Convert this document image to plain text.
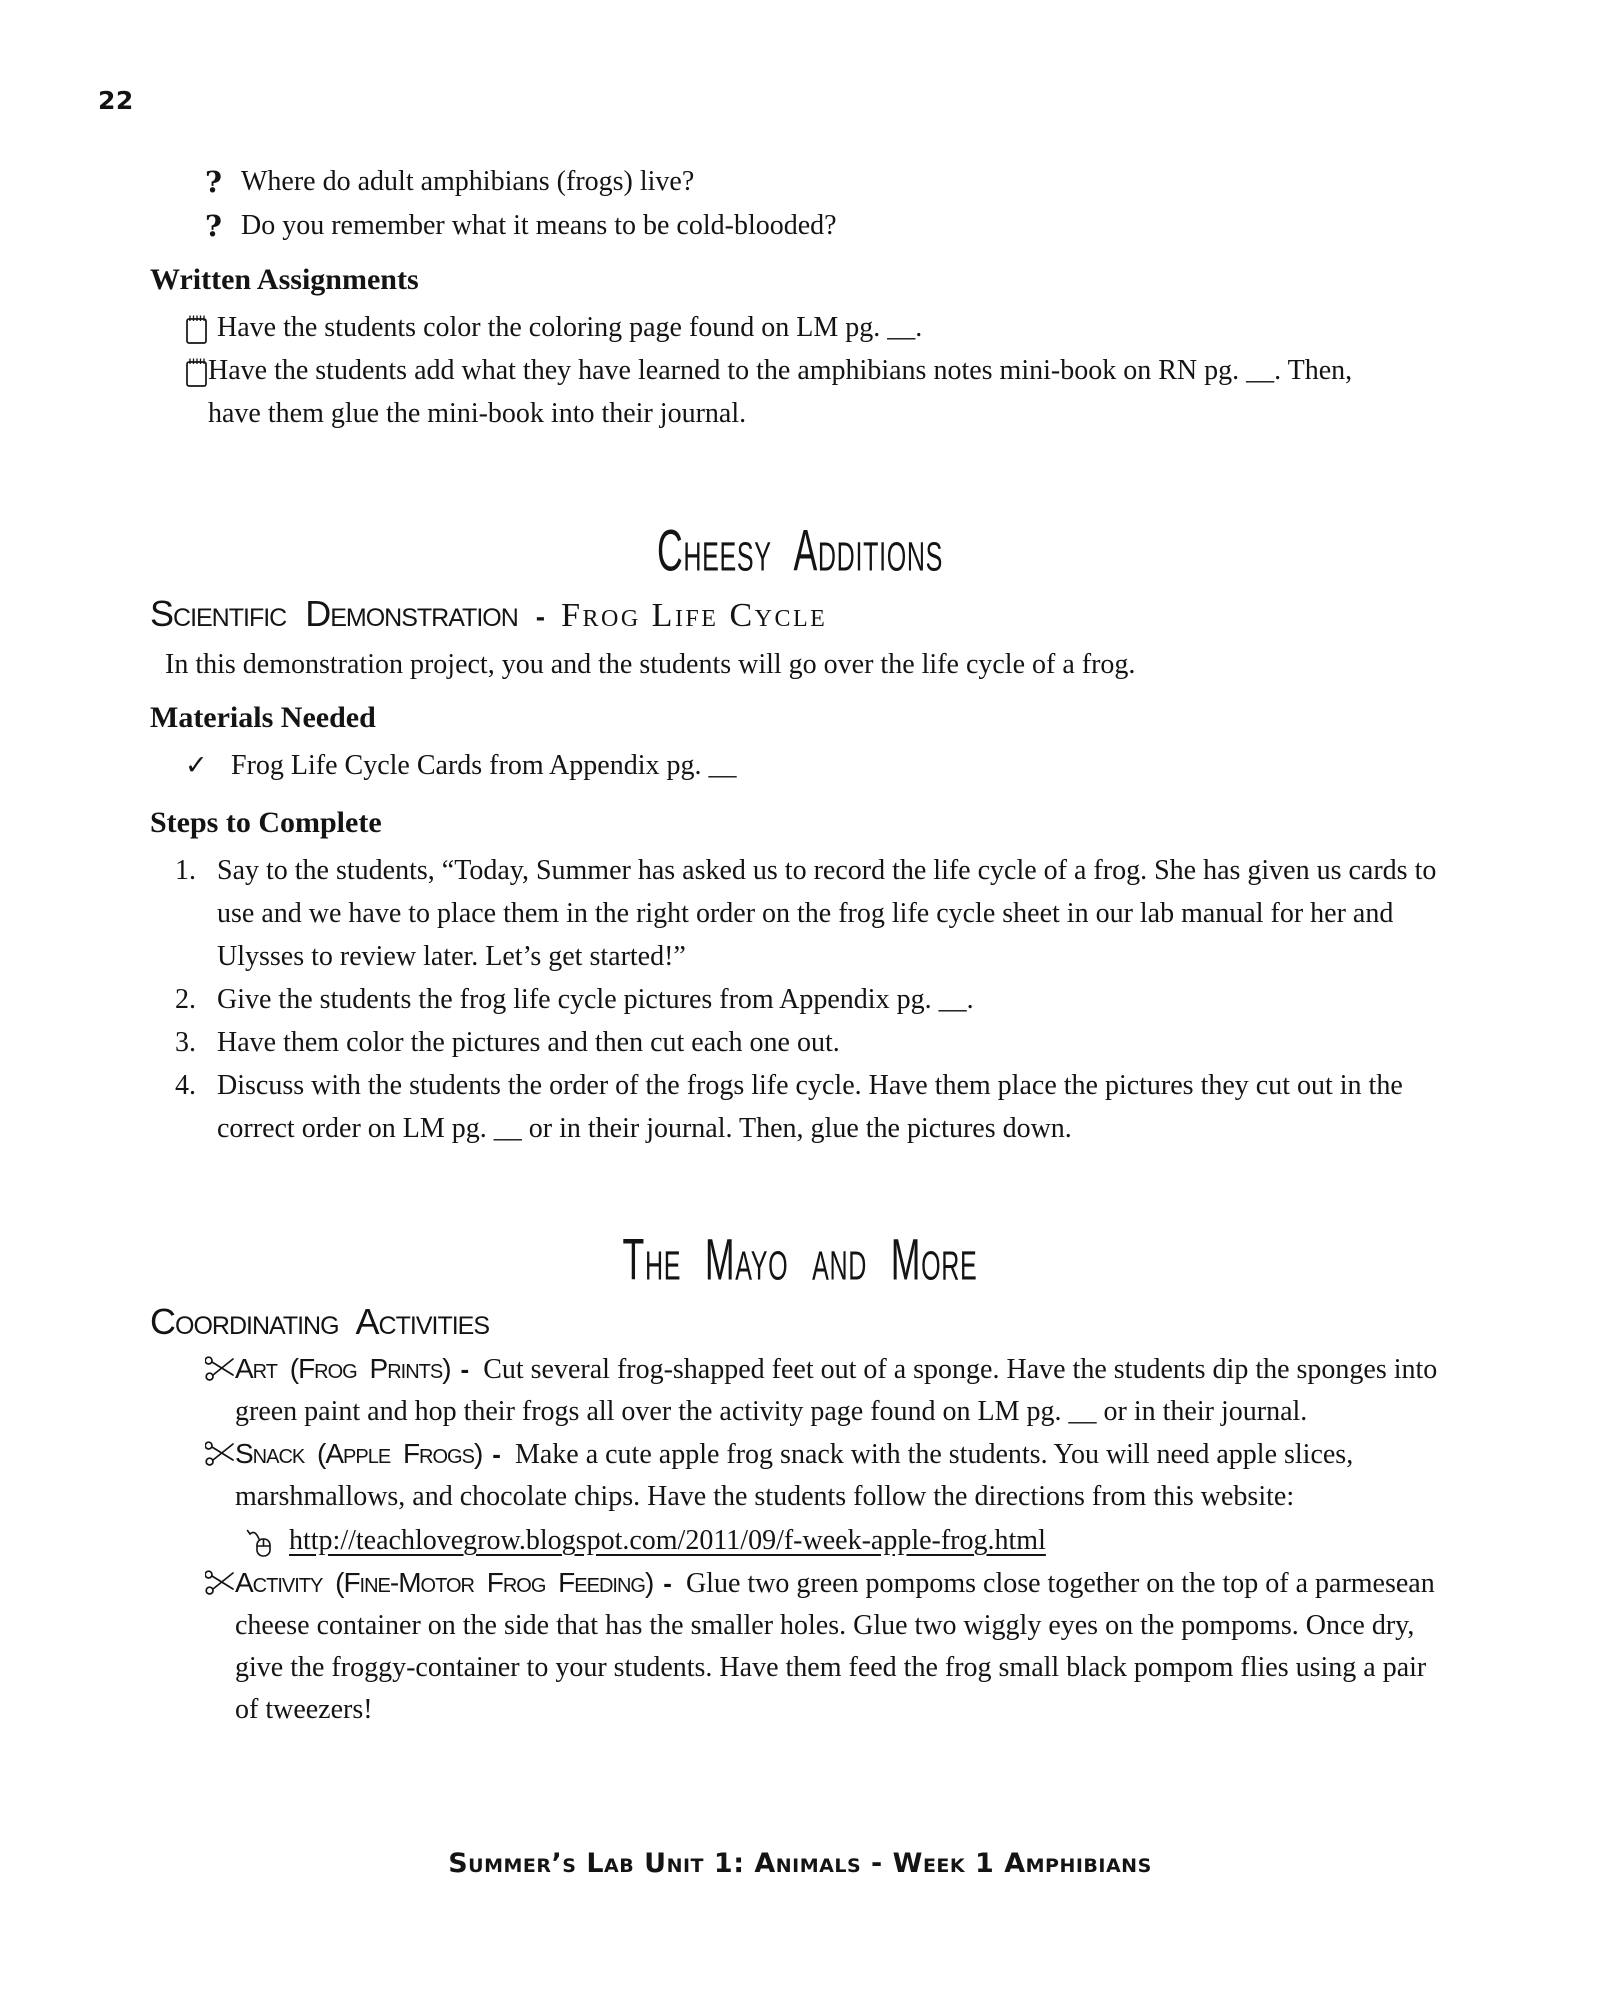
22
? Where do adult amphibians (frogs) live?
? Do you remember what it means to be cold-blooded?
Written Assignments
Have the students color the coloring page found on LM pg. __.
Have the students add what they have learned to the amphibians notes mini-book on RN pg. __. Then, have them glue the mini-book into their journal.
Cheesy Additions
Scientific Demonstration - Frog Life Cycle
In this demonstration project, you and the students will go over the life cycle of a frog.
Materials Needed
✓ Frog Life Cycle Cards from Appendix pg. __
Steps to Complete
Say to the students, “Today, Summer has asked us to record the life cycle of a frog. She has given us cards to use and we have to place them in the right order on the frog life cycle sheet in our lab manual for her and Ulysses to review later. Let’s get started!”
Give the students the frog life cycle pictures from Appendix pg. __.
Have them color the pictures and then cut each one out.
Discuss with the students the order of the frogs life cycle. Have them place the pictures they cut out in the correct order on LM pg. __ or in their journal. Then, glue the pictures down.
The Mayo and More
Coordinating Activities
Art (Frog Prints) - Cut several frog-shapped feet out of a sponge. Have the students dip the sponges into green paint and hop their frogs all over the activity page found on LM pg. __ or in their journal.
Snack (Apple Frogs) - Make a cute apple frog snack with the students. You will need apple slices, marshmallows, and chocolate chips. Have the students follow the directions from this website:
http://teachlovegrow.blogspot.com/2011/09/f-week-apple-frog.html
Activity (Fine-Motor Frog Feeding) - Glue two green pompoms close together on the top of a parmesean cheese container on the side that has the smaller holes. Glue two wiggly eyes on the pompoms. Once dry, give the froggy-container to your students. Have them feed the frog small black pompom flies using a pair of tweezers!
Summer’s Lab Unit 1: Animals - Week 1 Amphibians
